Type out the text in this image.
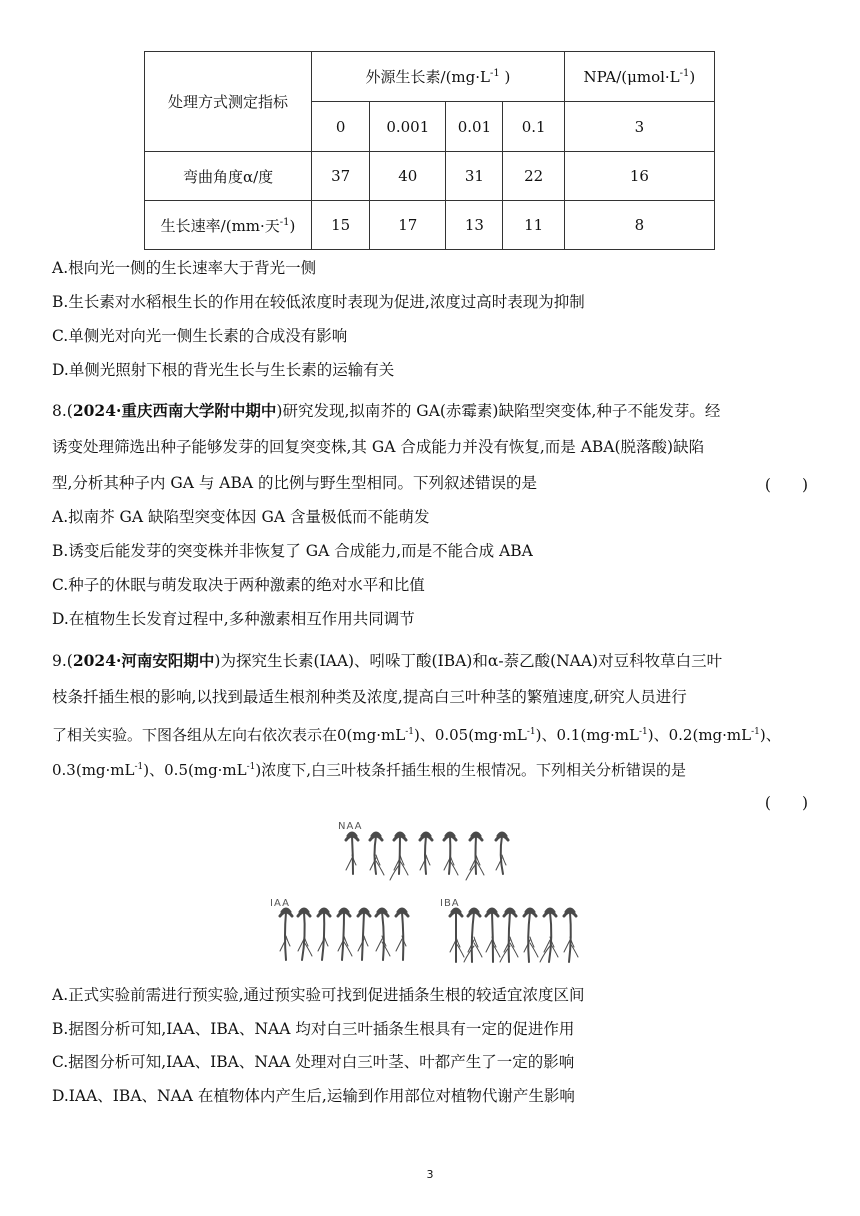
处理方式测定指标	外源生长素$/(mg\cdot L^{-1}$ )				NPA/$(\mu mol\cdot L^{-1})$
	0	0.001	0.01	0.1	3
弯曲角度α/度	37	40	31	22	16
生长速率/(mm·天$^{-1}$)	15	17	13	11	8
A.根向光一侧的生长速率大于背光一侧
B.生长素对水稻根生长的作用在较低浓度时表现为促进,浓度过高时表现为抑制
C.单侧光对向光一侧生长素的合成没有影响
D.单侧光照射下根的背光生长与生长素的运输有关
8.(2024·重庆西南大学附中期中)研究发现,拟南芥的 GA(赤霉素)缺陷型突变体,种子不能发芽。经
诱变处理筛选出种子能够发芽的回复突变株,其 GA 合成能力并没有恢复,而是 ABA(脱落酸)缺陷
型,分析其种子内 GA 与 ABA 的比例与野生型相同。下列叙述错误的是	(　　)
A.拟南芥 GA 缺陷型突变体因 GA 含量极低而不能萌发
B.诱变后能发芽的突变株并非恢复了 GA 合成能力,而是不能合成 ABA
C.种子的休眠与萌发取决于两种激素的绝对水平和比值
D.在植物生长发育过程中,多种激素相互作用共同调节
9.(2024·河南安阳期中)为探究生长素(IAA)、吲哚丁酸(IBA)和α-萘乙酸(NAA)对豆科牧草白三叶
枝条扦插生根的影响,以找到最适生根剂种类及浓度,提高白三叶种茎的繁殖速度,研究人员进行
了相关实验。下图各组从左向右依次表示在$0(mg\cdot mL^{-1})$、$0.05(mg\cdot mL^{-1})$、$0.1(mg\cdot mL^{-1})$、$0.2(mg\cdot mL^{-1})$、
$0.3(mg\cdot mL^{-1})$、$0.5(mg\cdot mL^{-1})$浓度下,白三叶枝条扦插生根的生根情况。下列相关分析错误的是
(　　)
NAA
IAA	IBA
A.正式实验前需进行预实验,通过预实验可找到促进插条生根的较适宜浓度区间
B.据图分析可知,IAA、IBA、NAA 均对白三叶插条生根具有一定的促进作用
C.据图分析可知,IAA、IBA、NAA 处理对白三叶茎、叶都产生了一定的影响
D.IAA、IBA、NAA 在植物体内产生后,运输到作用部位对植物代谢产生影响
3
